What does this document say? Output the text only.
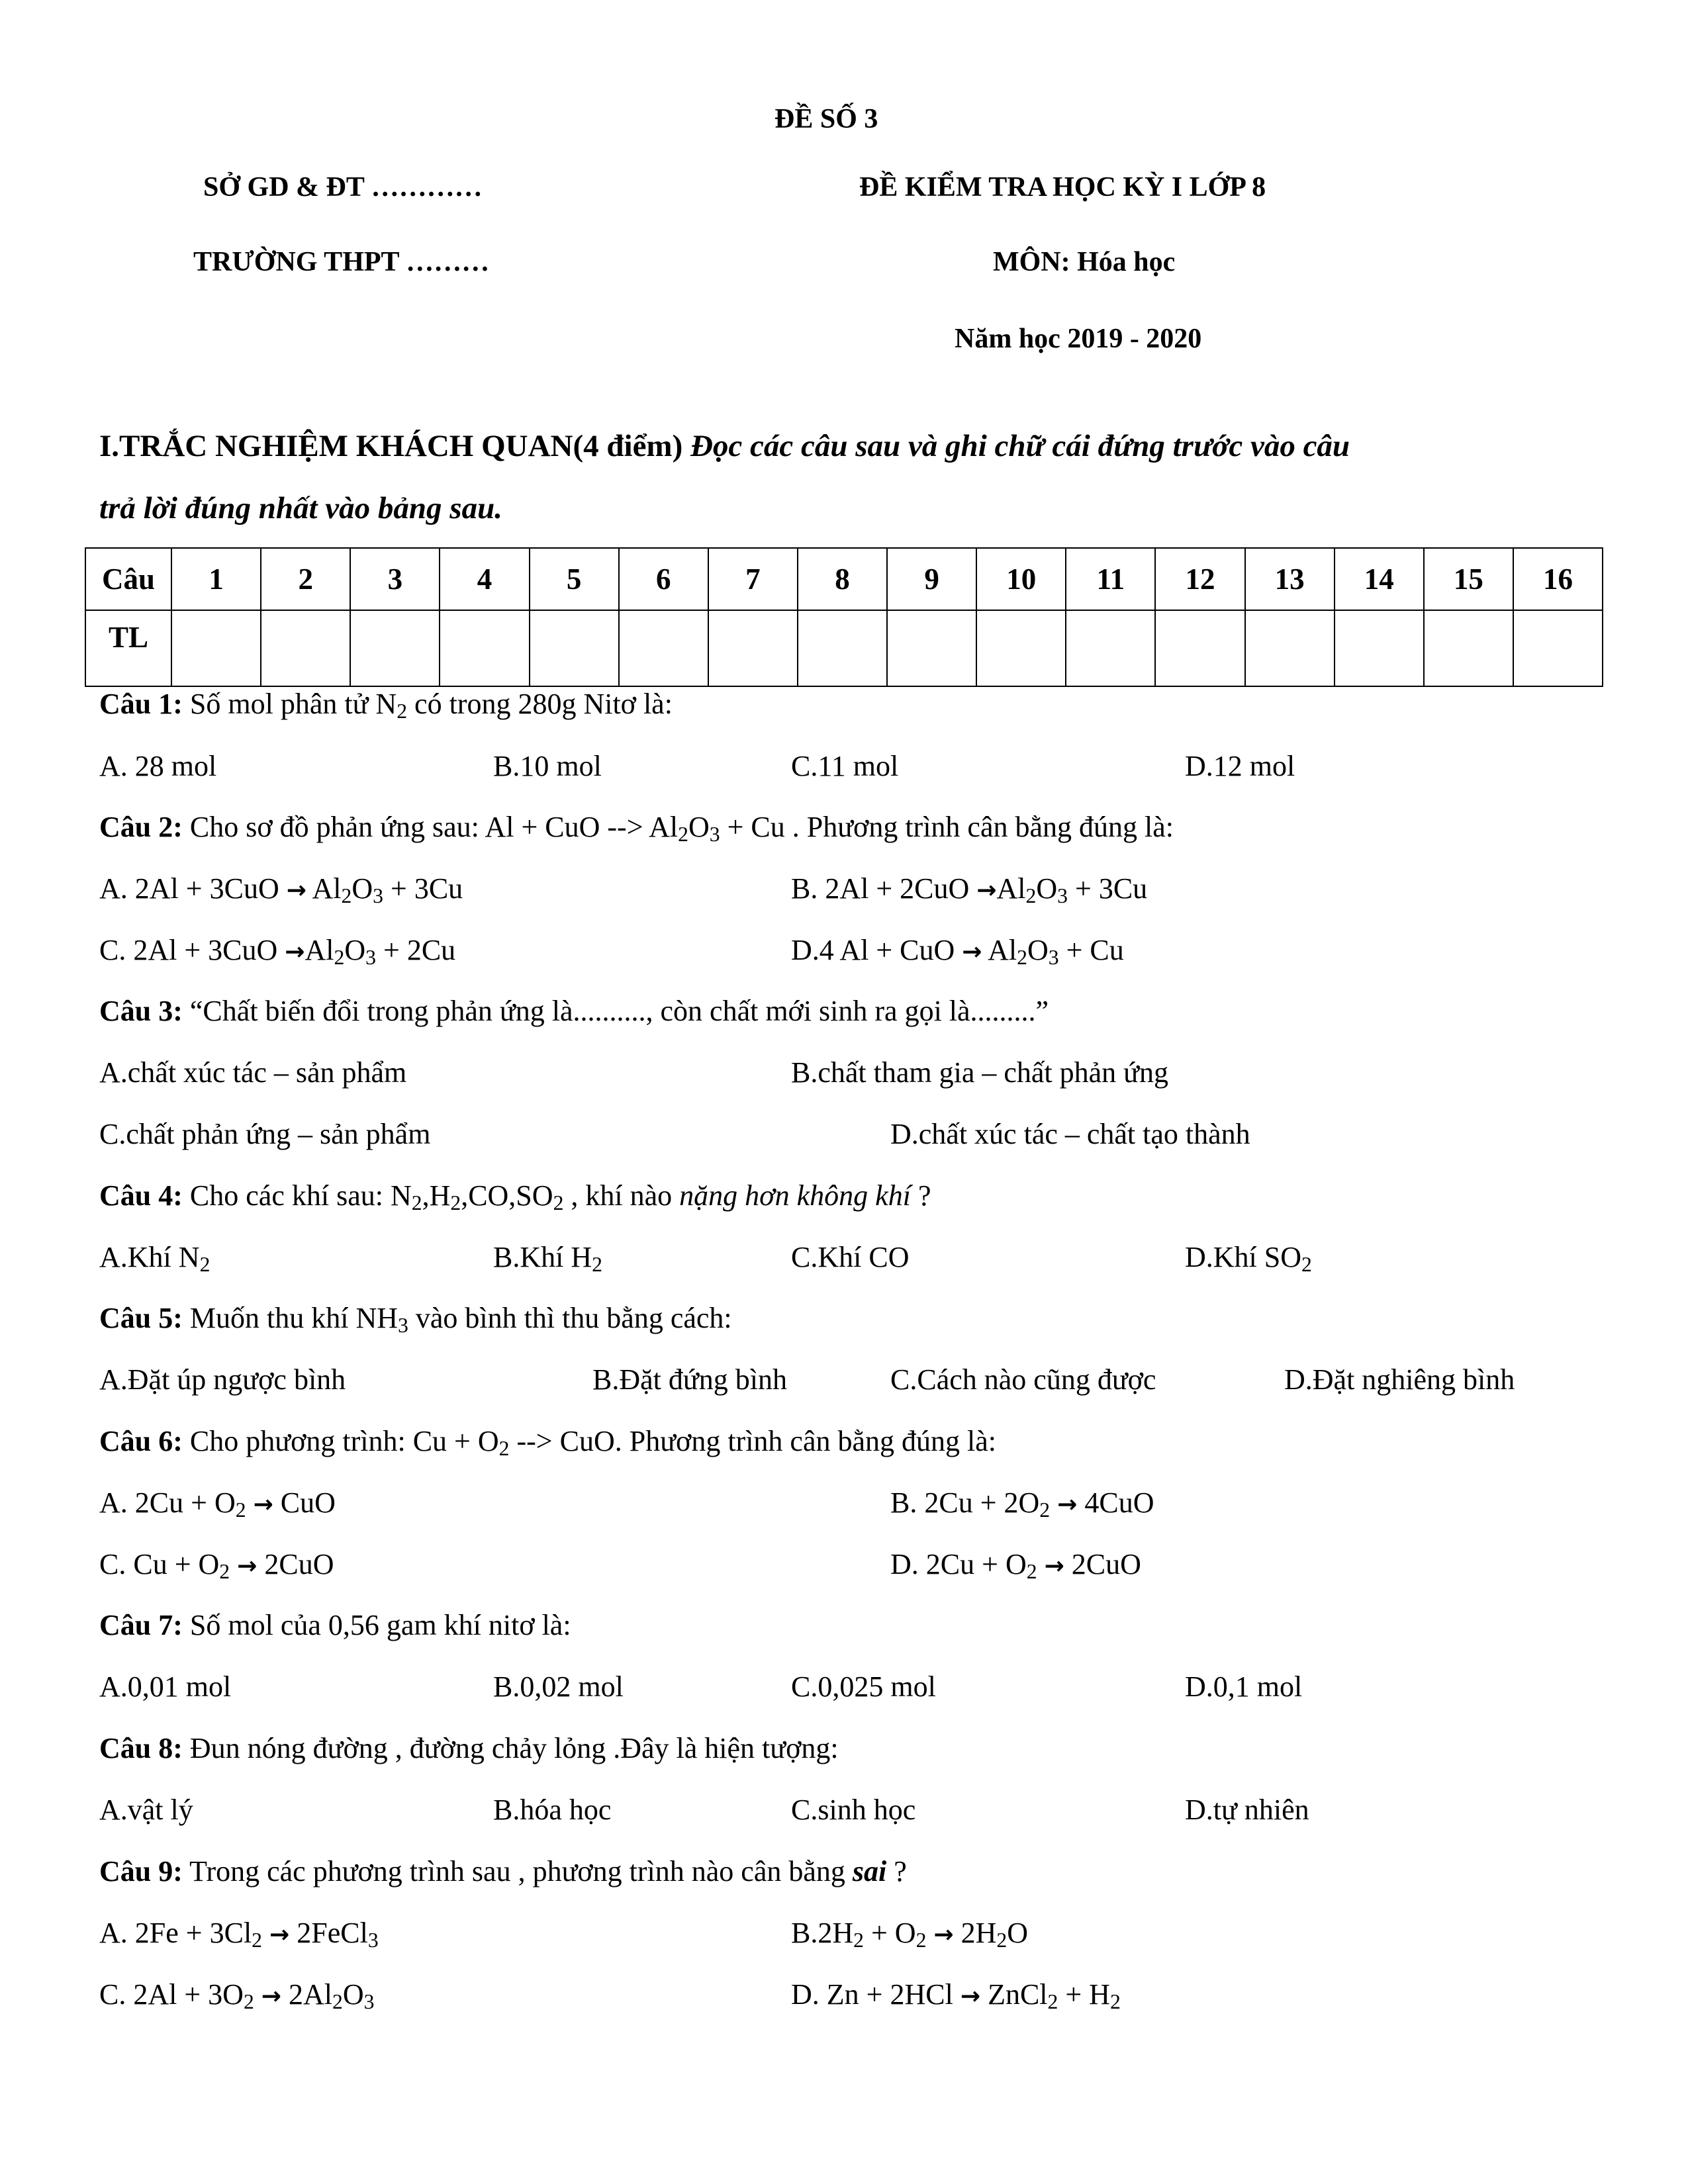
ĐỀ SỐ 3
SỞ GD & ĐT …………	ĐỀ KIỂM TRA HỌC KỲ I LỚP 8
TRƯỜNG THPT ………	MÔN: Hóa học
Năm học 2019 - 2020
I.TRẮC NGHIỆM KHÁCH QUAN(4 điểm) Đọc các câu sau và ghi chữ cái đứng trước vào câu
trả lời đúng nhất vào bảng sau.
Câu	1	2	3	4	5	6	7	8	9	10	11	12	13	14	15	16
TL																
Câu 1: Số mol phân tử $N_2$ có trong 280g Nitơ là:
A. 28 mol	B.10 mol	C.11 mol	D.12 mol
Câu 2: Cho sơ đồ phản ứng sau: Al + CuO --> $Al_2O_3 + Cu$ . Phương trình cân bằng đúng là:
A. $2Al + 3CuO \to Al_2O_3 + 3Cu$	B. $2Al + 2CuO \to Al_2O_3 + 3Cu$
C. $2Al + 3CuO \to Al_2O_3 + 2Cu$	D.4 Al + CuO → $Al_2O_3 + Cu$
Câu 3: “Chất biến đổi trong phản ứng là.........., còn chất mới sinh ra gọi là.........”
A.chất xúc tác – sản phẩm	B.chất tham gia – chất phản ứng
C.chất phản ứng – sản phẩm	D.chất xúc tác – chất tạo thành
Câu 4: Cho các khí sau: $N_2,H_2,CO,SO_2$ , khí nào nặng hơn không khí ?
A.Khí $N_2$	B.Khí $H_2$	C.Khí CO	D.Khí $SO_2$
Câu 5: Muốn thu khí $NH_3$ vào bình thì thu bằng cách:
A.Đặt úp ngược bình	B.Đặt đứng bình	C.Cách nào cũng được	D.Đặt nghiêng bình
Câu 6: Cho phương trình: $Cu + O_2$ --> CuO. Phương trình cân bằng đúng là:
A. $2Cu + O_2$ → CuO	B. $2Cu + 2O_2 \to 4CuO$
C. $Cu + O_2 \to 2CuO$	D. $2Cu + O_2 \to 2CuO$
Câu 7: Số mol của 0,56 gam khí nitơ là:
A.0,01 mol	B.0,02 mol	C.0,025 mol	D.0,1 mol
Câu 8: Đun nóng đường , đường chảy lỏng .Đây là hiện tượng:
A.vật lý	B.hóa học	C.sinh học	D.tự nhiên
Câu 9: Trong các phương trình sau , phương trình nào cân bằng sai ?
A. $2Fe + 3Cl_2$ → 2FeCl$_3$	$B.2H_2 + O_2 \to 2H_2O$
C. $2Al + 3O_2 \to 2Al_2O_3$	D. Zn + 2HCl → ZnCl$_2$ + $H_2$
